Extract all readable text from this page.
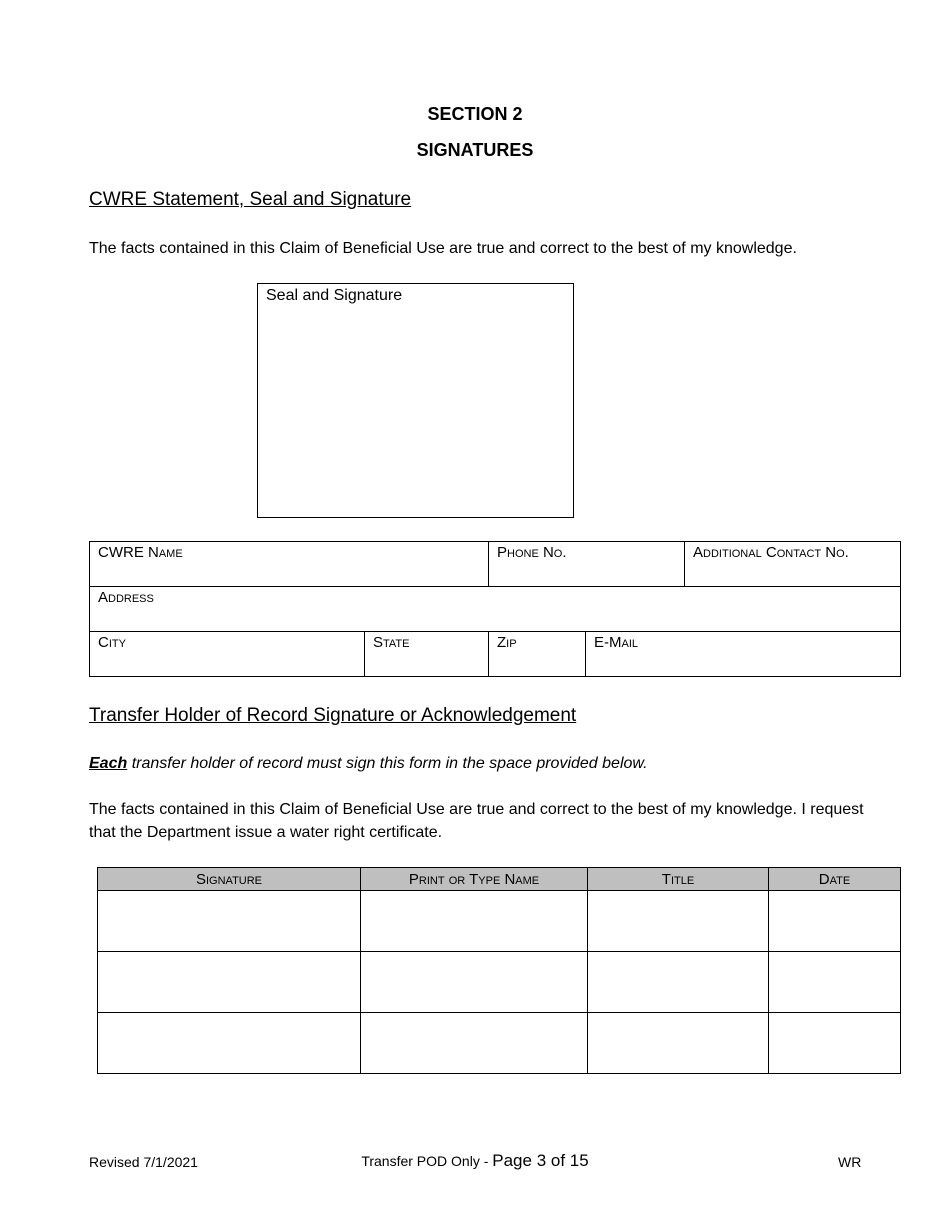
SECTION 2
SIGNATURES
CWRE Statement, Seal and Signature
The facts contained in this Claim of Beneficial Use are true and correct to the best of my knowledge.
Seal and Signature
CWRE Name		Phone No.		Additional Contact No.
Address				
City	State	Zip	E-Mail	
Transfer Holder of Record Signature or Acknowledgement
Each transfer holder of record must sign this form in the space provided below.
The facts contained in this Claim of Beneficial Use are true and correct to the best of my knowledge. I request that the Department issue a water right certificate.
Signature	Print or Type Name	Title	Date

Revised 7/1/2021	Transfer POD Only - Page 3 of 15	WR
